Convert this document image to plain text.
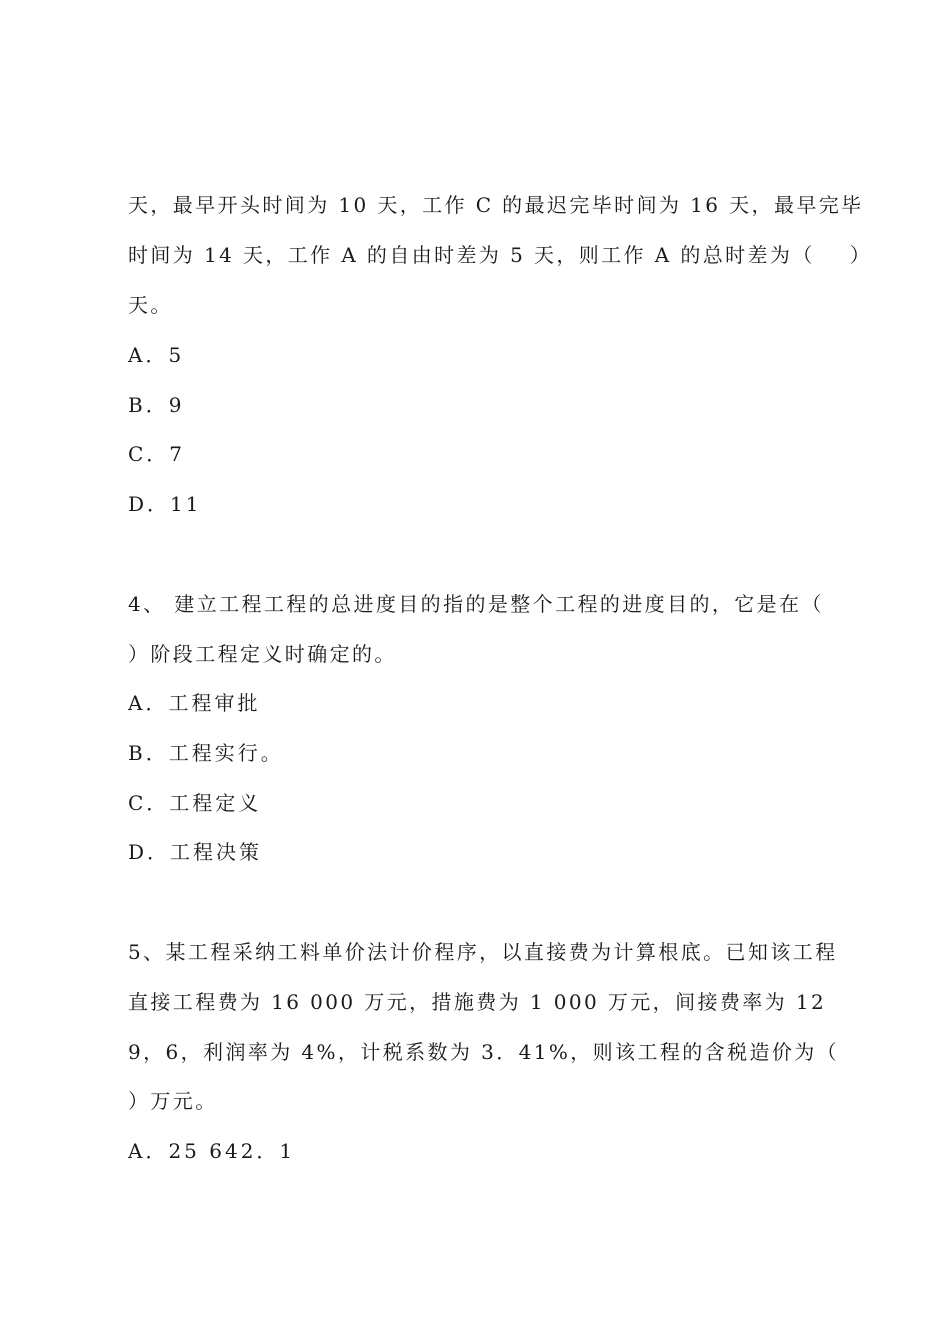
天，最早开头时间为 10 天，工作 C 的最迟完毕时间为 16 天，最早完毕
时间为 14 天，工作 A 的自由时差为 5 天，则工作 A 的总时差为（    ）
天。
A．5
B．9
C．7
D．11
4、 建立工程工程的总进度目的指的是整个工程的进度目的，它是在（
）阶段工程定义时确定的。
A．工程审批
B．工程实行。
C．工程定义
D．工程决策
5、某工程采纳工料单价法计价程序，以直接费为计算根底。已知该工程
直接工程费为 16 000 万元，措施费为 1 000 万元，间接费率为 12
9，6，利润率为 4%，计税系数为 3．41%，则该工程的含税造价为（
）万元。
A．25 642．1
